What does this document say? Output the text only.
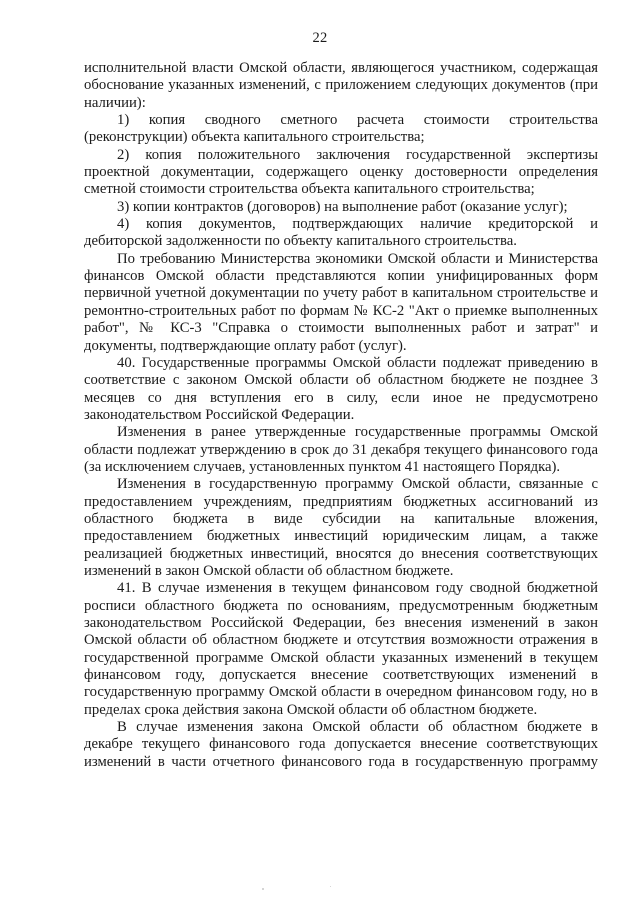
22

исполнительной власти Омской области, являющегося участником, содержащая обоснование указанных изменений, с приложением следующих документов (при наличии):

1) копия сводного сметного расчета стоимости строительства (реконструкции) объекта капитального строительства;

2) копия положительного заключения государственной экспертизы проектной документации, содержащего оценку достоверности определения сметной стоимости строительства объекта капитального строительства;

3) копии контрактов (договоров) на выполнение работ (оказание услуг);

4) копия документов, подтверждающих наличие кредиторской и дебиторской задолженности по объекту капитального строительства.

По требованию Министерства экономики Омской области и Министерства финансов Омской области представляются копии унифицированных форм первичной учетной документации по учету работ в капитальном строительстве и ремонтно-строительных работ по формам № КС-2 "Акт о приемке выполненных работ", № КС-3 "Справка о стоимости выполненных работ и затрат" и документы, подтверждающие оплату работ (услуг).

40. Государственные программы Омской области подлежат приведению в соответствие с законом Омской области об областном бюджете не позднее 3 месяцев со дня вступления его в силу, если иное не предусмотрено законодательством Российской Федерации.

Изменения в ранее утвержденные государственные программы Омской области подлежат утверждению в срок до 31 декабря текущего финансового года (за исключением случаев, установленных пунктом 41 настоящего Порядка).

Изменения в государственную программу Омской области, связанные с предоставлением учреждениям, предприятиям бюджетных ассигнований из областного бюджета в виде субсидии на капитальные вложения, предоставлением бюджетных инвестиций юридическим лицам, а также реализацией бюджетных инвестиций, вносятся до внесения соответствующих изменений в закон Омской области об областном бюджете.

41. В случае изменения в текущем финансовом году сводной бюджетной росписи областного бюджета по основаниям, предусмотренным бюджетным законодательством Российской Федерации, без внесения изменений в закон Омской области об областном бюджете и отсутствия возможности отражения в государственной программе Омской области указанных изменений в текущем финансовом году, допускается внесение соответствующих изменений в государственную программу Омской области в очередном финансовом году, но в пределах срока действия закона Омской области об областном бюджете.

В случае изменения закона Омской области об областном бюджете в декабре текущего финансового года допускается внесение соответствующих изменений в части отчетного финансового года в государственную программу
